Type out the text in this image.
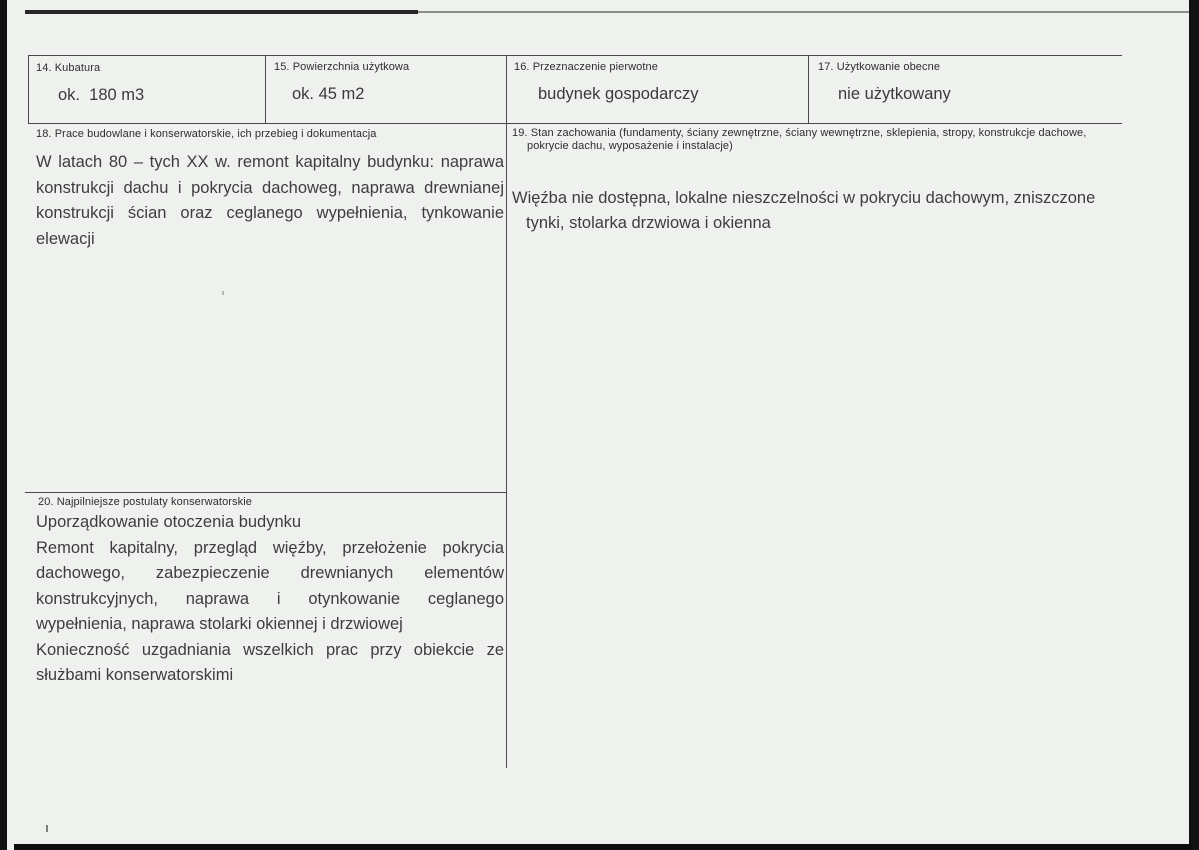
14. Kubatura
ok.  180 m3
15. Powierzchnia użytkowa
ok. 45 m2
16. Przeznaczenie pierwotne
budynek gospodarczy
17. Użytkowanie obecne
nie użytkowany
18. Prace budowlane i konserwatorskie, ich przebieg i dokumentacja
W latach 80 – tych XX w. remont kapitalny budynku: naprawa
konstrukcji dachu i pokrycia dachoweg, naprawa drewnianej
konstrukcji ścian oraz ceglanego wypełnienia, tynkowanie
elewacji
19. Stan zachowania (fundamenty, ściany zewnętrzne, ściany wewnętrzne, sklepienia, stropy, konstrukcje dachowe,
pokrycie dachu, wyposażenie i instalacje)
Więźba nie dostępna, lokalne nieszczelności w pokryciu dachowym, zniszczone
tynki, stolarka drzwiowa i okienna
20. Najpilniejsze postulaty konserwatorskie
Uporządkowanie otoczenia budynku
Remont kapitalny, przegląd więźby, przełożenie pokrycia
dachowego, zabezpieczenie drewnianych elementów
konstrukcyjnych, naprawa i otynkowanie ceglanego
wypełnienia, naprawa stolarki okiennej i drzwiowej
Konieczność uzgadniania wszelkich prac przy obiekcie ze
służbami konserwatorskimi
